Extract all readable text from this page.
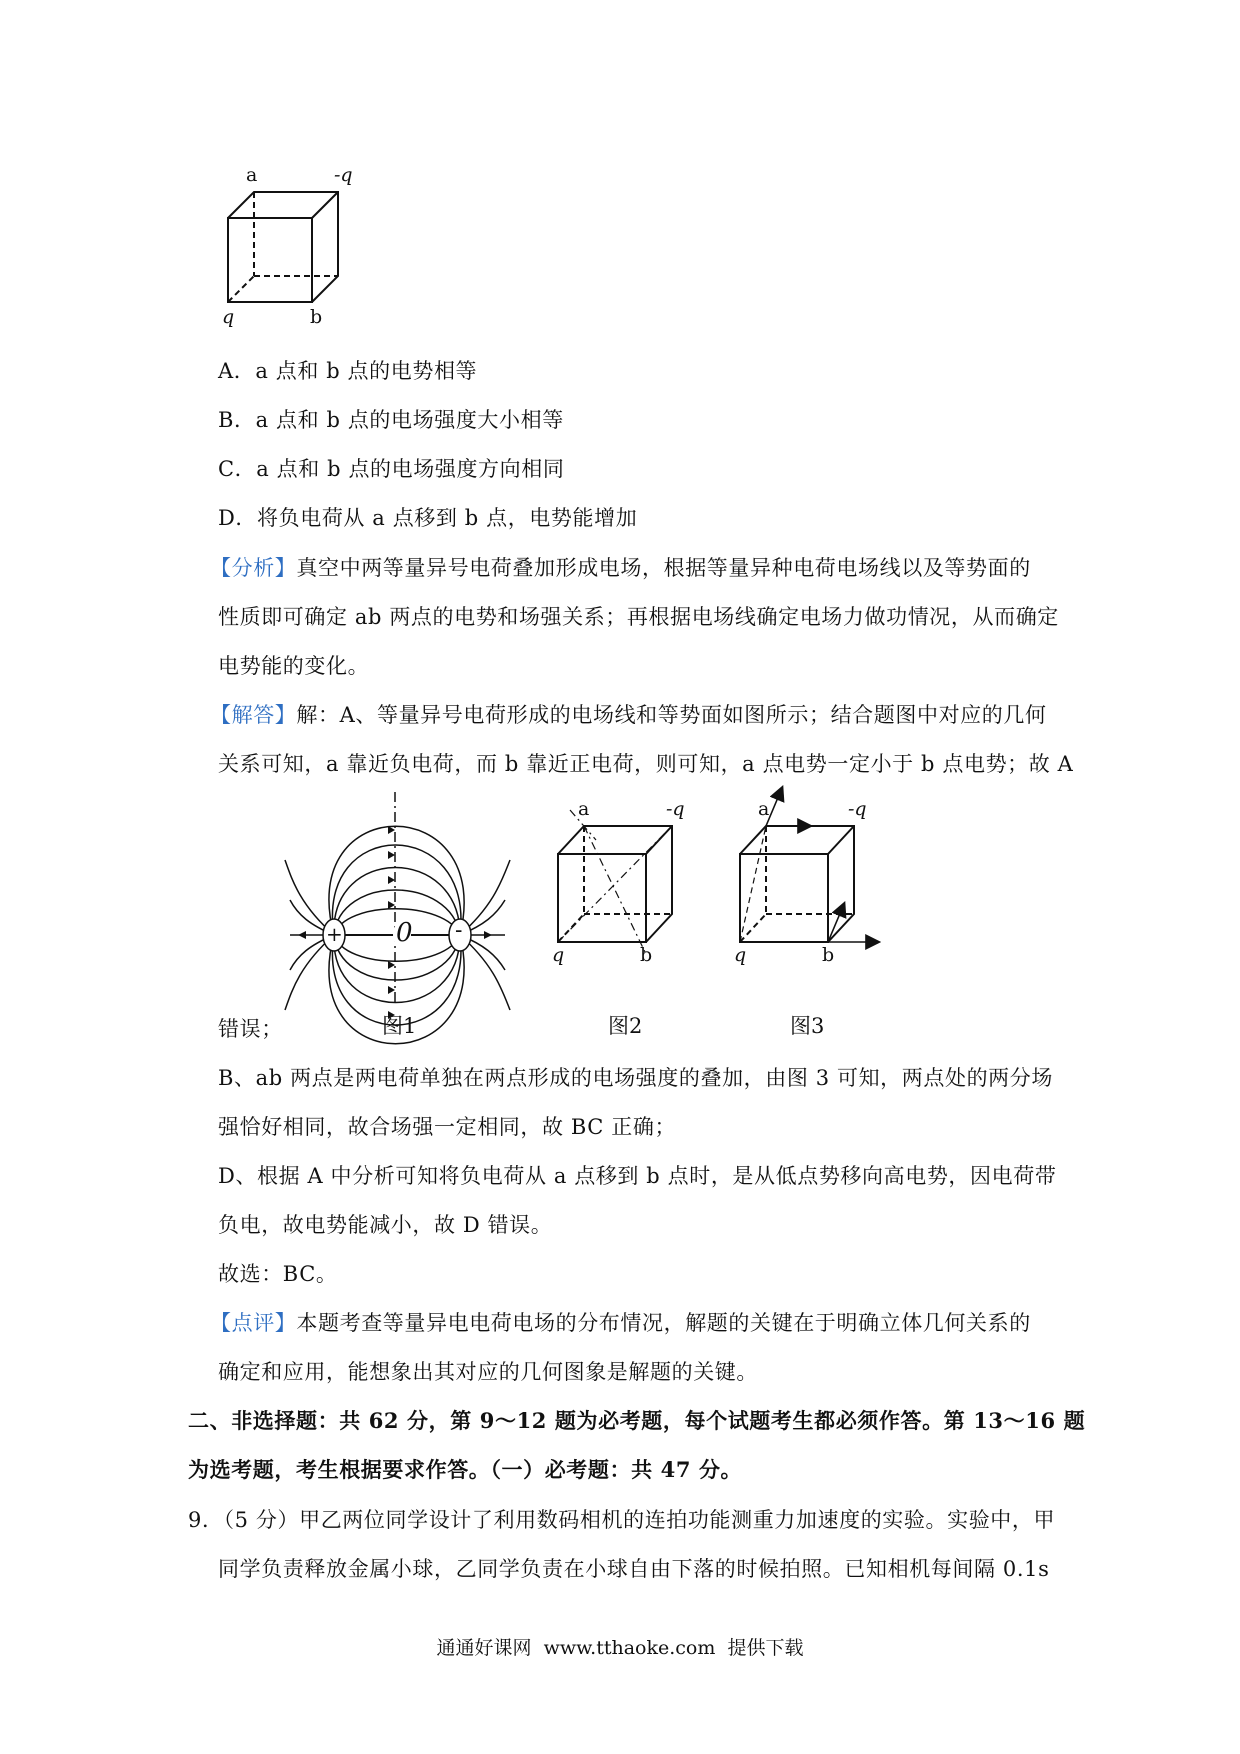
a	-q
q	b
A．a 点和 b 点的电势相等
B．a 点和 b 点的电场强度大小相等
C．a 点和 b 点的电场强度方向相同
D．将负电荷从 a 点移到 b 点，电势能增加
【分析】真空中两等量异号电荷叠加形成电场，根据等量异种电荷电场线以及等势面的
性质即可确定 ab 两点的电势和场强关系；再根据电场线确定电场力做功情况，从而确定
电势能的变化。
【解答】解：A、等量异号电荷形成的电场线和等势面如图所示；结合题图中对应的几何
关系可知，a 靠近负电荷，而 b 靠近正电荷，则可知，a 点电势一定小于 b 点电势；故 A
+ 0 -
图1
a	-q
q	b
图2
a	-q
q	b
图3
错误；
B、ab 两点是两电荷单独在两点形成的电场强度的叠加，由图 3 可知，两点处的两分场
强恰好相同，故合场强一定相同，故 BC 正确；
D、根据 A 中分析可知将负电荷从 a 点移到 b 点时，是从低点势移向高电势，因电荷带
负电，故电势能减小，故 D 错误。
故选：BC。
【点评】本题考查等量异电电荷电场的分布情况，解题的关键在于明确立体几何关系的
确定和应用，能想象出其对应的几何图象是解题的关键。
二、非选择题：共 62 分，第 9～12 题为必考题，每个试题考生都必须作答。第 13～16 题
为选考题，考生根据要求作答。（一）必考题：共 47 分。
9．（5 分）甲乙两位同学设计了利用数码相机的连拍功能测重力加速度的实验。实验中，甲
同学负责释放金属小球，乙同学负责在小球自由下落的时候拍照。已知相机每间隔 0.1s
通通好课网  www.tthaoke.com  提供下载
